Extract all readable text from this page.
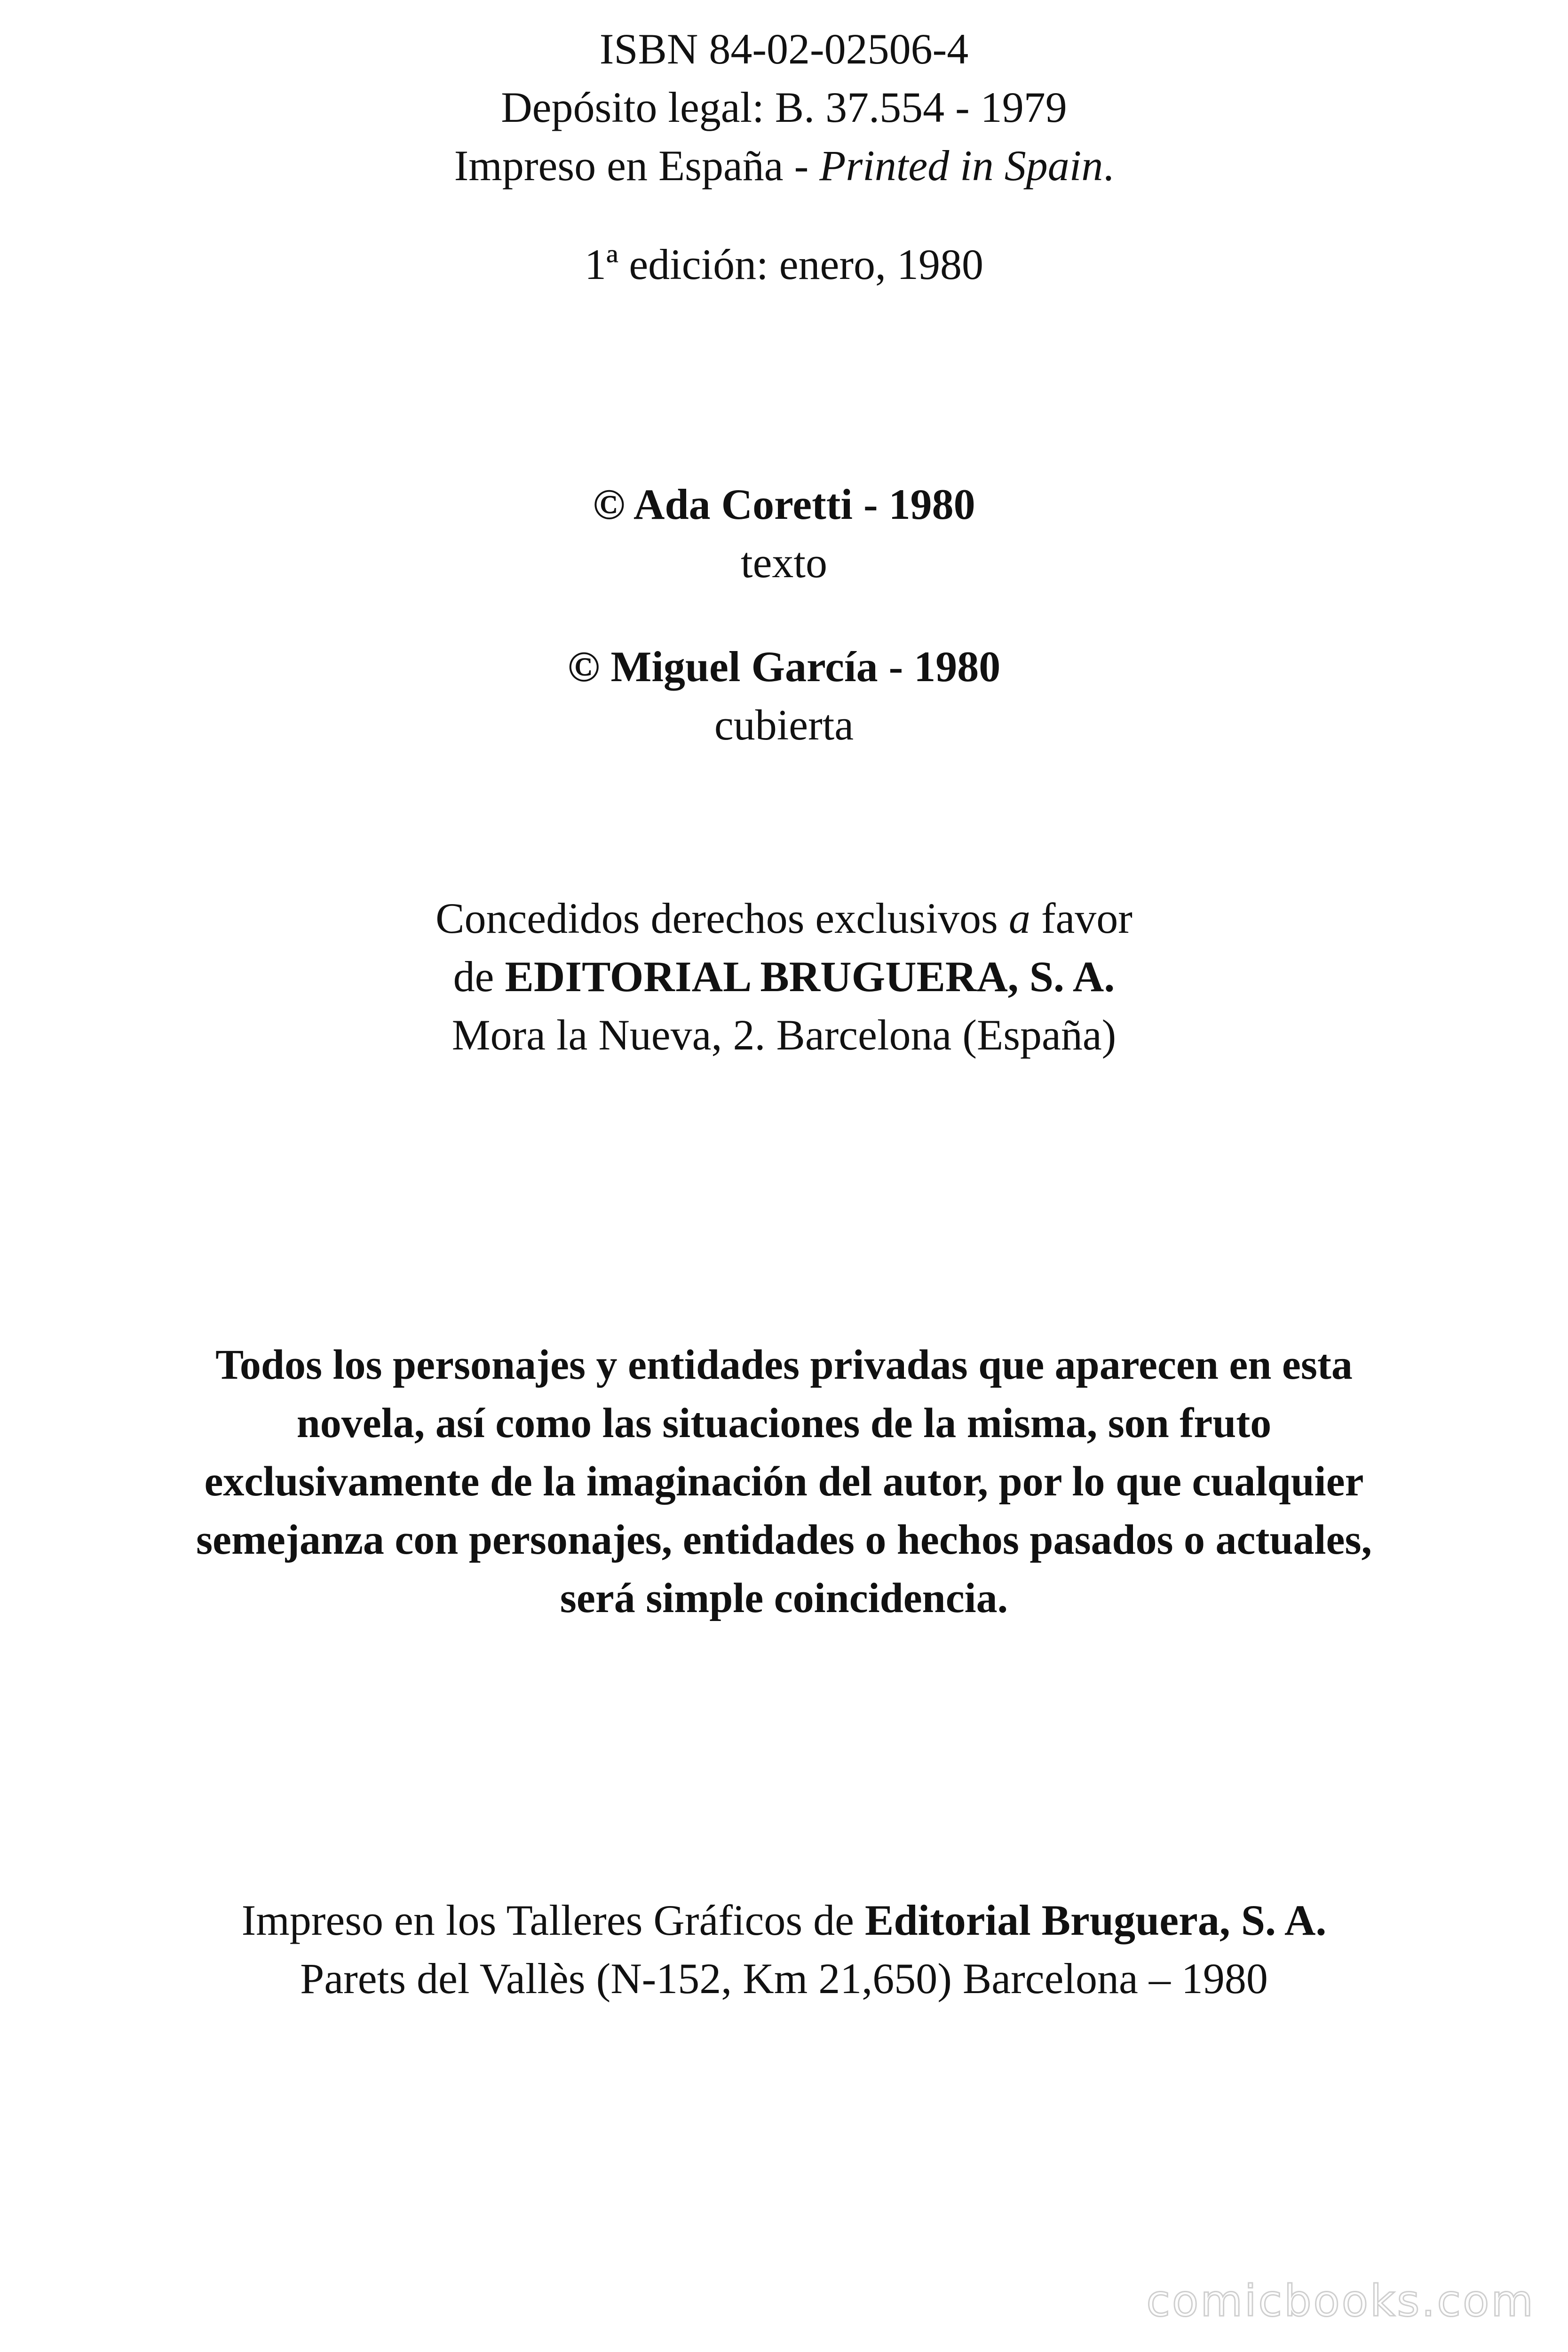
ISBN 84-02-02506-4
Depósito legal: B. 37.554 - 1979
Impreso en España - Printed in Spain.
1ª edición: enero, 1980
© Ada Coretti - 1980
texto
© Miguel García - 1980
cubierta
Concedidos derechos exclusivos a favor
de EDITORIAL BRUGUERA, S. A.
Mora la Nueva, 2. Barcelona (España)
Todos los personajes y entidades privadas que aparecen en esta
novela, así como las situaciones de la misma, son fruto
exclusivamente de la imaginación del autor, por lo que cualquier
semejanza con personajes, entidades o hechos pasados o actuales,
será simple coincidencia.
Impreso en los Talleres Gráficos de Editorial Bruguera, S. A.
Parets del Vallès (N-152, Km 21,650) Barcelona – 1980
comicbooks.com
